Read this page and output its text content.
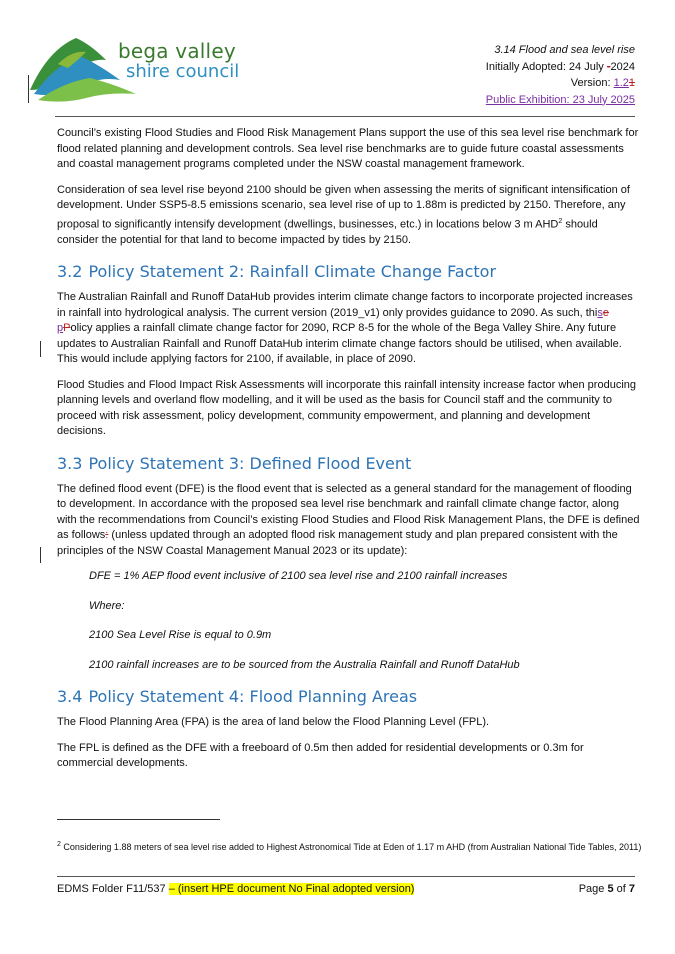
bega valley
shire council
3.14 Flood and sea level rise
Initially Adopted: 24 July -2024
Version: 1.21
Public Exhibition: 23 July 2025

Council’s existing Flood Studies and Flood Risk Management Plans support the use of this sea level rise benchmark for flood related planning and development controls. Sea level rise benchmarks are to guide future coastal assessments and coastal management programs completed under the NSW coastal management framework.

Consideration of sea level rise beyond 2100 should be given when assessing the merits of significant intensification of development. Under SSP5-8.5 emissions scenario, sea level rise of up to 1.88m is predicted by 2150. Therefore, any proposal to significantly intensify development (dwellings, businesses, etc.) in locations below 3 m AHD$^2$ should consider the potential for that land to become impacted by tides by 2150.

3.2 Policy Statement 2: Rainfall Climate Change Factor

The Australian Rainfall and Runoff DataHub provides interim climate change factors to incorporate projected increases in rainfall into hydrological analysis. The current version (2019_v1) only provides guidance to 2090. As such, thise pPolicy applies a rainfall climate change factor for 2090, RCP 8-5 for the whole of the Bega Valley Shire. Any future updates to Australian Rainfall and Runoff DataHub interim climate change factors should be utilised, when available. This would include applying factors for 2100, if available, in place of 2090.

Flood Studies and Flood Impact Risk Assessments will incorporate this rainfall intensity increase factor when producing planning levels and overland flow modelling, and it will be used as the basis for Council staff and the community to proceed with risk assessment, policy development, community empowerment, and planning and development decisions.

3.3 Policy Statement 3: Defined Flood Event

The defined flood event (DFE) is the flood event that is selected as a general standard for the management of flooding to development. In accordance with the proposed sea level rise benchmark and rainfall climate change factor, along with the recommendations from Council’s existing Flood Studies and Flood Risk Management Plans, the DFE is defined as follows: (unless updated through an adopted flood risk management study and plan prepared consistent with the principles of the NSW Coastal Management Manual 2023 or its update):

DFE = 1% AEP flood event inclusive of 2100 sea level rise and 2100 rainfall increases
Where:
2100 Sea Level Rise is equal to 0.9m
2100 rainfall increases are to be sourced from the Australia Rainfall and Runoff DataHub
3.4 Policy Statement 4: Flood Planning Areas

The Flood Planning Area (FPA) is the area of land below the Flood Planning Level (FPL).

The FPL is defined as the DFE with a freeboard of 0.5m then added for residential developments or 0.3m for commercial developments.

$^2$ Considering 1.88 meters of sea level rise added to Highest Astronomical Tide at Eden of 1.17 m AHD (from Australian National Tide Tables, 2011)
EDMS Folder F11/537 – (insert HPE document No Final adopted version)	Page 5 of 7
